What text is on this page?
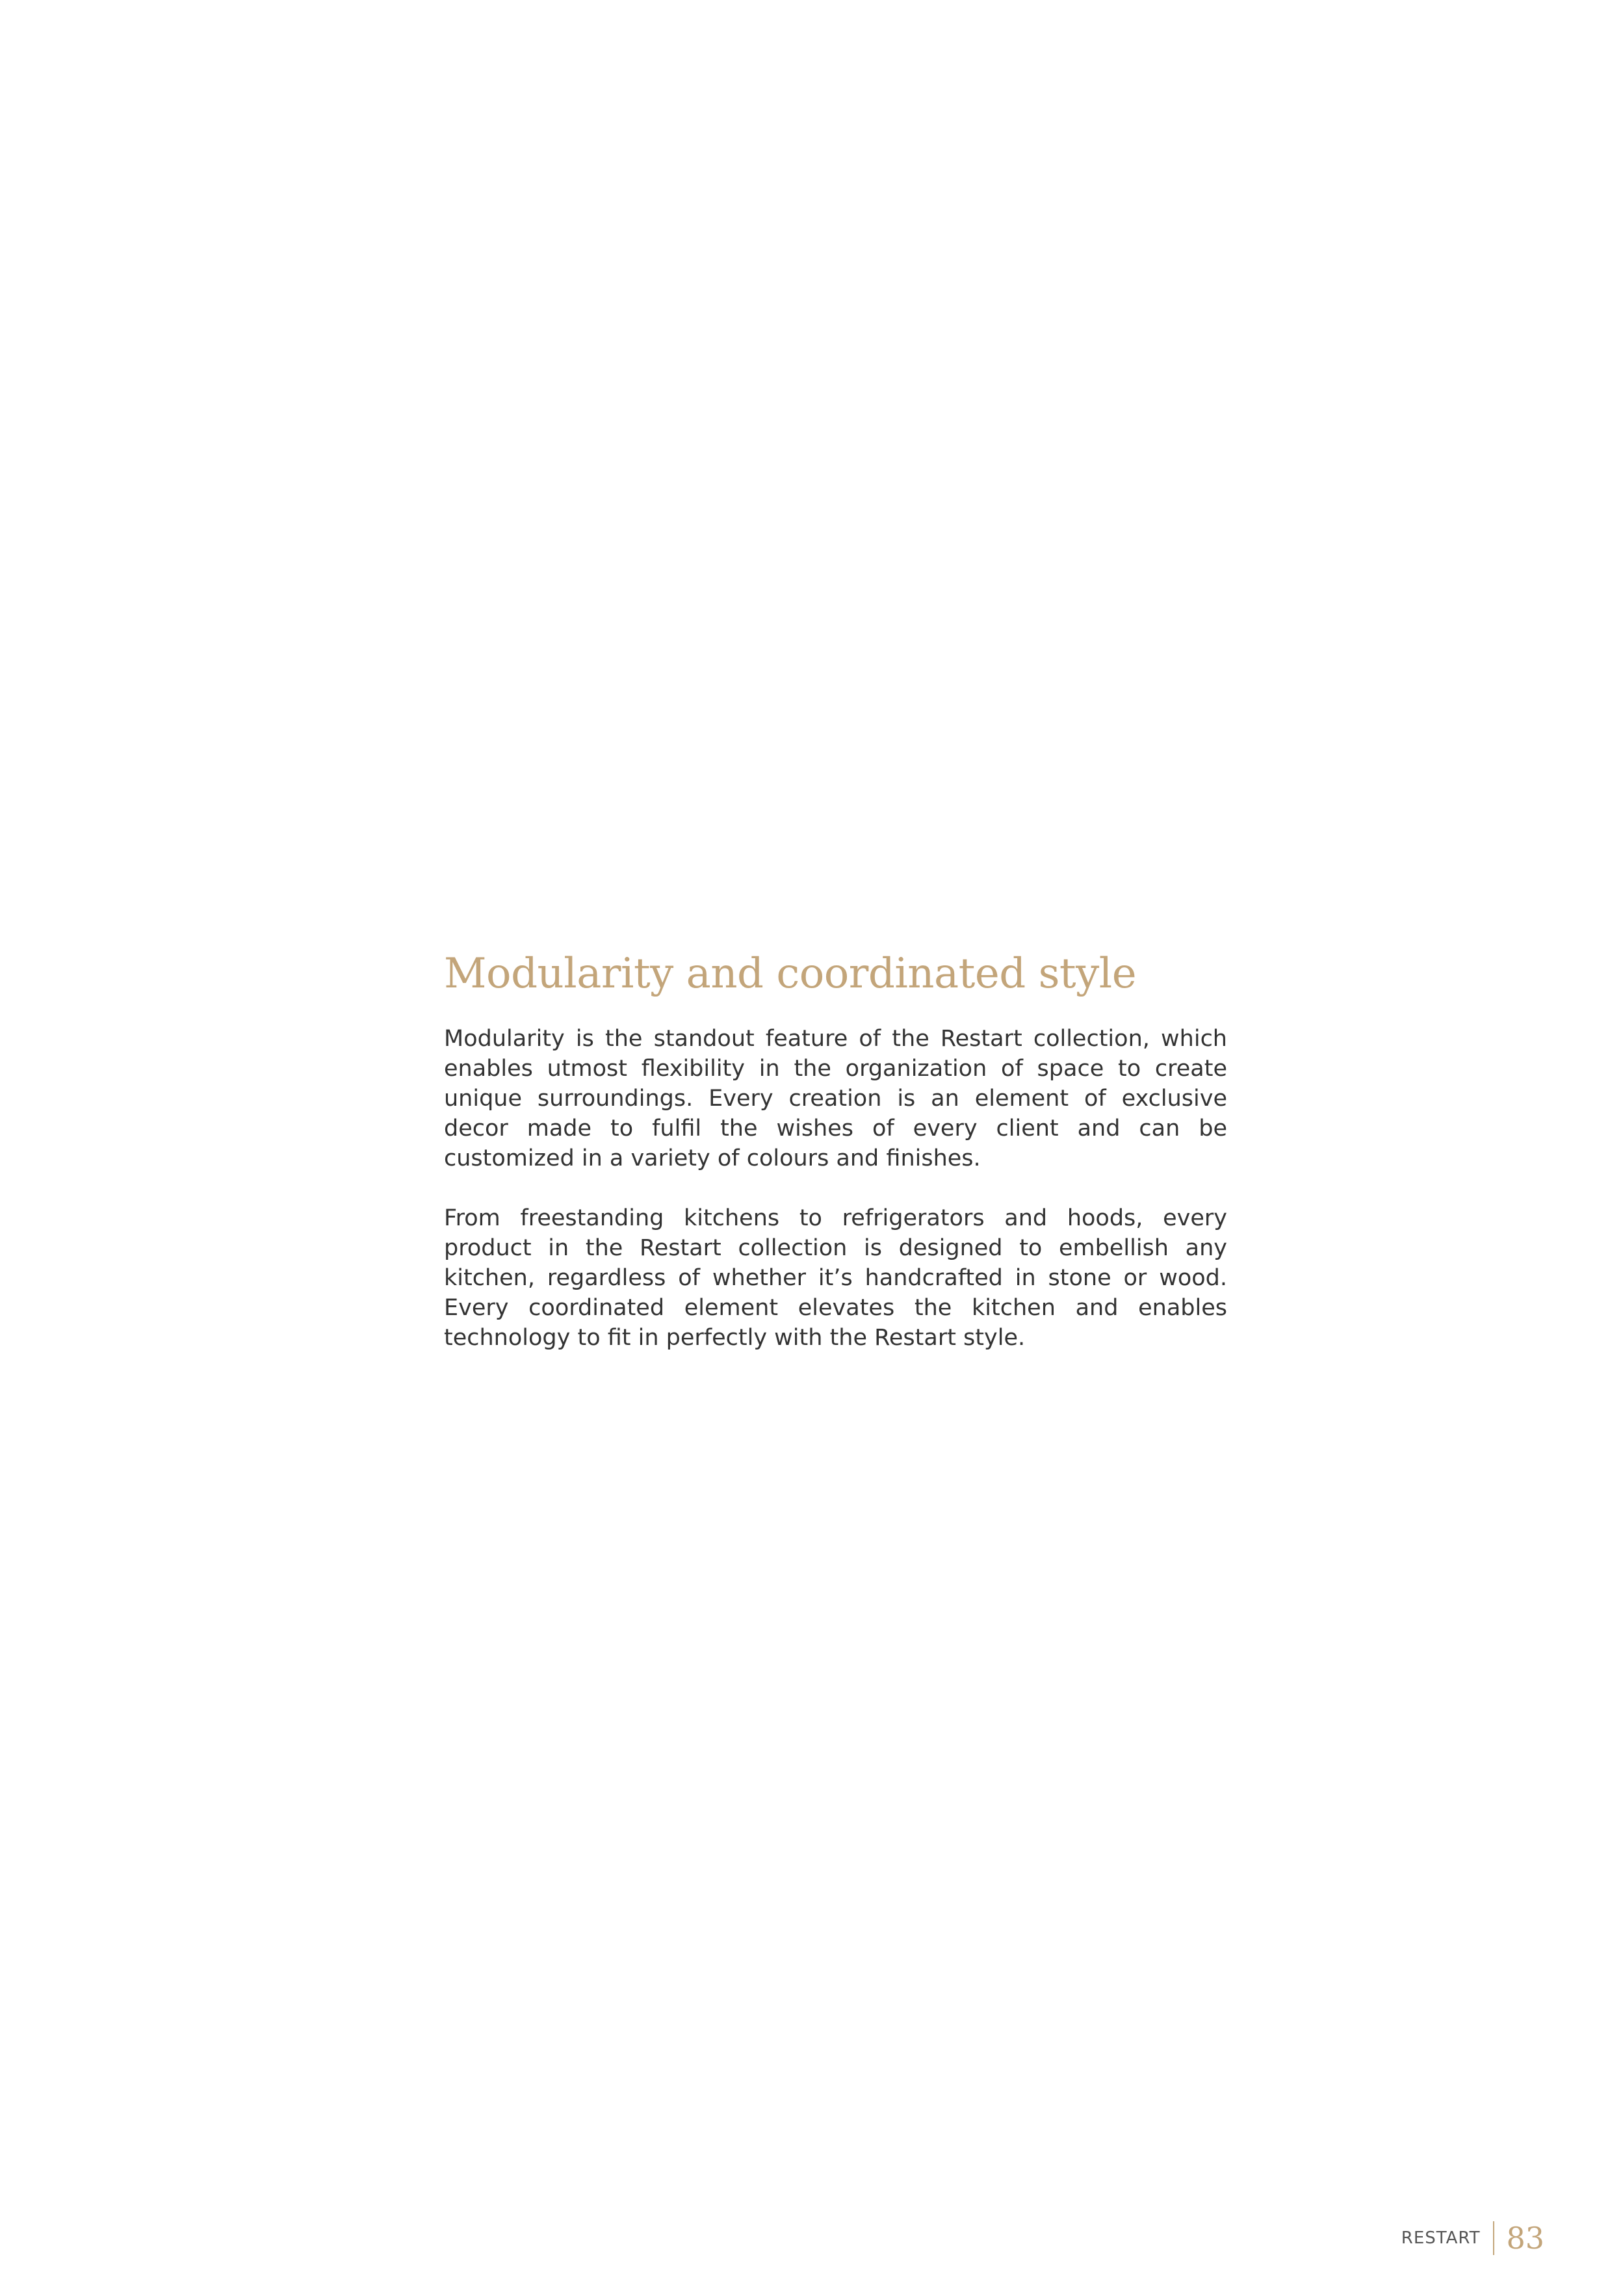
Modularity and coordinated style

Modularity is the standout feature of the Restart collection, which enables utmost flexibility in the organization of space to create unique surroundings. Every creation is an element of exclusive decor made to fulfil the wishes of every client and can be customized in a variety of colours and finishes.

From freestanding kitchens to refrigerators and hoods, every product in the Restart collection is designed to embellish any kitchen, regardless of whether it’s handcrafted in stone or wood. Every coordinated element elevates the kitchen and enables technology to fit in perfectly with the Restart style.

RESTART 83
